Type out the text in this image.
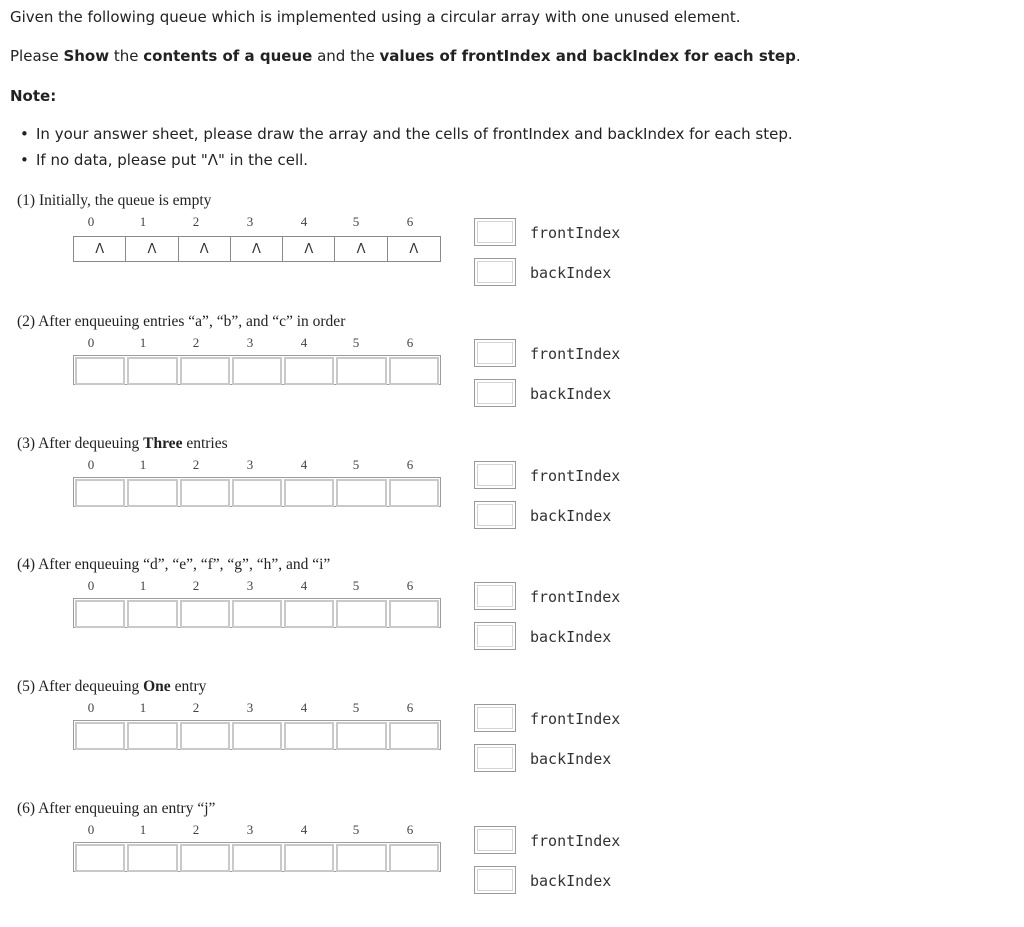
Given the following queue which is implemented using a circular array with one unused element.
Please Show the contents of a queue and the values of frontIndex and backIndex for each step.
Note:
• In your answer sheet, please draw the array and the cells of frontIndex and backIndex for each step.
• If no data, please put "Λ" in the cell.
(1) Initially, the queue is empty
0	1	2	3	4	5	6
Λ	Λ	Λ	Λ	Λ	Λ	Λ
frontIndex
backIndex
(2) After enqueuing entries “a”, “b”, and “c” in order
0	1	2	3	4	5	6
frontIndex
backIndex
(3) After dequeuing Three entries
0	1	2	3	4	5	6
frontIndex
backIndex
(4) After enqueuing “d”, “e”, “f”, “g”, “h”, and “i”
0	1	2	3	4	5	6
frontIndex
backIndex
(5) After dequeuing One entry
0	1	2	3	4	5	6
frontIndex
backIndex
(6) After enqueuing an entry “j”
0	1	2	3	4	5	6
frontIndex
backIndex
